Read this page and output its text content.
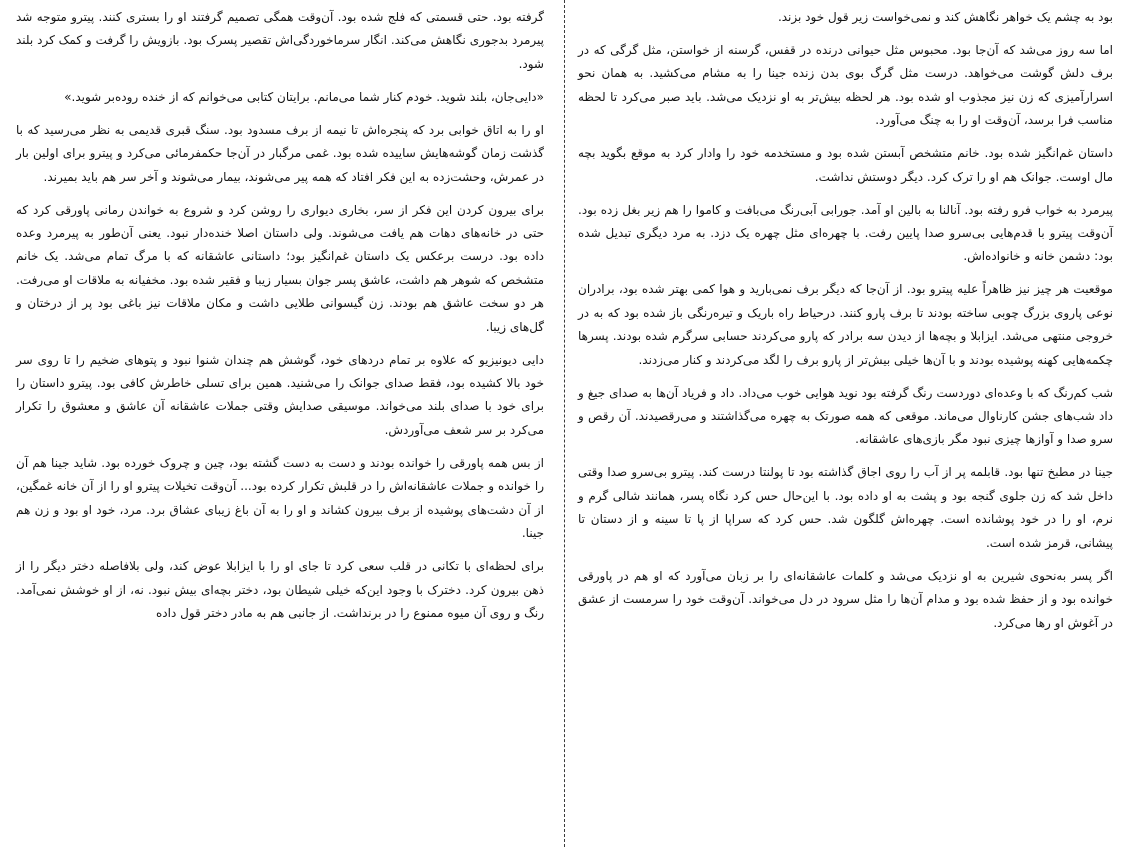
بود به چشم یک خواهر نگاهش کند و نمی‌خواست زیر قول خود بزند.

اما سه روز می‌شد که آن‌جا بود. محبوس مثل حیوانی درنده در قفس، گرسنه از خواستن، مثل گرگی که در برف دلش گوشت می‌خواهد. درست مثل گرگ بوی بدن زنده جینا را به مشام می‌کشید. به همان نحو اسرارآمیزی که زن نیز مجذوب او شده بود. هر لحظه بیش‌تر به او نزدیک می‌شد. باید صبر می‌کرد تا لحظه مناسب فرا برسد، آن‌وقت او را به چنگ می‌آورد.

داستان غم‌انگیز شده بود. خانم متشخص آبستن شده بود و مستخدمه خود را وادار کرد به موقع بگوید بچه مال اوست. جوانک هم او را ترک کرد. دیگر دوستش نداشت.

پیرمرد به خواب فرو رفته بود. آنالنا به بالین او آمد. جورابی آبی‌رنگ می‌بافت و کاموا را هم زیر بغل زده بود. آن‌وقت پیترو با قدم‌هایی بی‌سرو صدا پایین رفت. با چهره‌ای مثل چهره یک دزد. به مرد دیگری تبدیل شده بود: دشمن خانه و خانواده‌اش.

موقعیت هر چیز نیز ظاهراً علیه پیترو بود. از آن‌جا که دیگر برف نمی‌بارید و هوا کمی بهتر شده بود، برادران نوعی پاروی بزرگ چوبی ساخته بودند تا برف پارو کنند. درحیاط راه باریک و تیره‌رنگی باز شده بود که به در خروجی منتهی می‌شد. ایزابلا و بچه‌ها از دیدن سه برادر که پارو می‌کردند حسابی سرگرم شده بودند. پسرها چکمه‌هایی کهنه پوشیده بودند و با آن‌ها خیلی بیش‌تر از پارو برف را لگد می‌کردند و کنار می‌زدند.

شب کم‌رنگ که با وعده‌ای دوردست رنگ گرفته بود نوید هوایی خوب می‌داد. داد و فریاد آن‌ها به صدای جیغ و داد شب‌های جشن کارناوال می‌ماند. موقعی که همه صورتک به چهره می‌گذاشتند و می‌رقصیدند. آن رقص و سرو صدا و آوازها چیزی نبود مگر بازی‌های عاشقانه.

جینا در مطبخ تنها بود. قابلمه پر از آب را روی اجاق گذاشته بود تا پولنتا درست کند. پیترو بی‌سرو صدا وقتی داخل شد که زن جلوی گنجه بود و پشت به او داده بود. با این‌حال حس کرد نگاه پسر، همانند شالی گرم و نرم، او را در خود پوشانده است. چهره‌اش گلگون شد. حس کرد که سراپا از پا تا سینه و از دستان تا پیشانی، قرمز شده است.

اگر پسر به‌نحوی شیرین به او نزدیک می‌شد و کلمات عاشقانه‌ای را بر زبان می‌آورد که او هم در پاورقی خوانده بود و از حفظ شده بود و مدام آن‌ها را مثل سرود در دل می‌خواند. آن‌وقت خود را سرمست از عشق در آغوش او رها می‌کرد.

گرفته بود. حتی قسمتی که فلج شده بود. آن‌وقت همگی تصمیم گرفتند او را بستری کنند. پیترو متوجه شد پیرمرد بدجوری نگاهش می‌کند. انگار سرماخوردگی‌اش تقصیر پسرک بود. بازویش را گرفت و کمک کرد بلند شود.

«دایی‌جان، بلند شوید. خودم کنار شما می‌مانم. برایتان کتابی می‌خوانم که از خنده روده‌بر شوید.»

او را به اتاق خوابی برد که پنجره‌اش تا نیمه از برف مسدود بود. سنگ قبری قدیمی به نظر می‌رسید که با گذشت زمان گوشه‌هایش ساییده شده بود. غمی مرگبار در آن‌جا حکمفرمائی می‌کرد و پیترو برای اولین بار در عمرش، وحشت‌زده به این فکر افتاد که همه پیر می‌شوند، بیمار می‌شوند و آخر سر هم باید بمیرند.

برای بیرون کردن این فکر از سر، بخاری دیواری را روشن کرد و شروع به خواندن رمانی پاورقی کرد که حتی در خانه‌های دهات هم یافت می‌شوند. ولی داستان اصلا خنده‌دار نبود. یعنی آن‌طور به پیرمرد وعده داده بود. درست برعکس یک داستان غم‌انگیز بود؛ داستانی عاشقانه که با مرگ تمام می‌شد. یک خانم متشخص که شوهر هم داشت، عاشق پسر جوان بسیار زیبا و فقیر شده بود. مخفیانه به ملاقات او می‌رفت. هر دو سخت عاشق هم بودند. زن گیسوانی طلایی داشت و مکان ملاقات نیز باغی بود پر از درختان و گل‌های زیبا.

دایی دیونیزیو که علاوه بر تمام دردهای خود، گوشش هم چندان شنوا نبود و پتوهای ضخیم را تا روی سر خود بالا کشیده بود، فقط صدای جوانک را می‌شنید. همین برای تسلی خاطرش کافی بود. پیترو داستان را برای خود با صدای بلند می‌خواند. موسیقی صدایش وقتی جملات عاشقانه آن عاشق و معشوق را تکرار می‌کرد بر سر شعف می‌آوردش.

از بس همه پاورقی را خوانده بودند و دست به دست گشته بود، چین و چروک خورده بود. شاید جینا هم آن را خوانده و جملات عاشقانه‌اش را در قلبش تکرار کرده بود... آن‌وقت تخیلات پیترو او را از آن خانه غمگین، از آن دشت‌های پوشیده از برف بیرون کشاند و او را به آن باغ زیبای عشاق برد. مرد، خود او بود و زن هم جینا.

برای لحظه‌ای با تکانی در قلب سعی کرد تا جای او را با ایزابلا عوض کند، ولی بلافاصله دختر دیگر را از ذهن بیرون کرد. دخترک با وجود این‌که خیلی شیطان بود، دختر بچه‌ای بیش نبود. نه، از او خوشش نمی‌آمد. رنگ و روی آن میوه ممنوع را در برنداشت. از جانبی هم به مادر دختر قول داده
